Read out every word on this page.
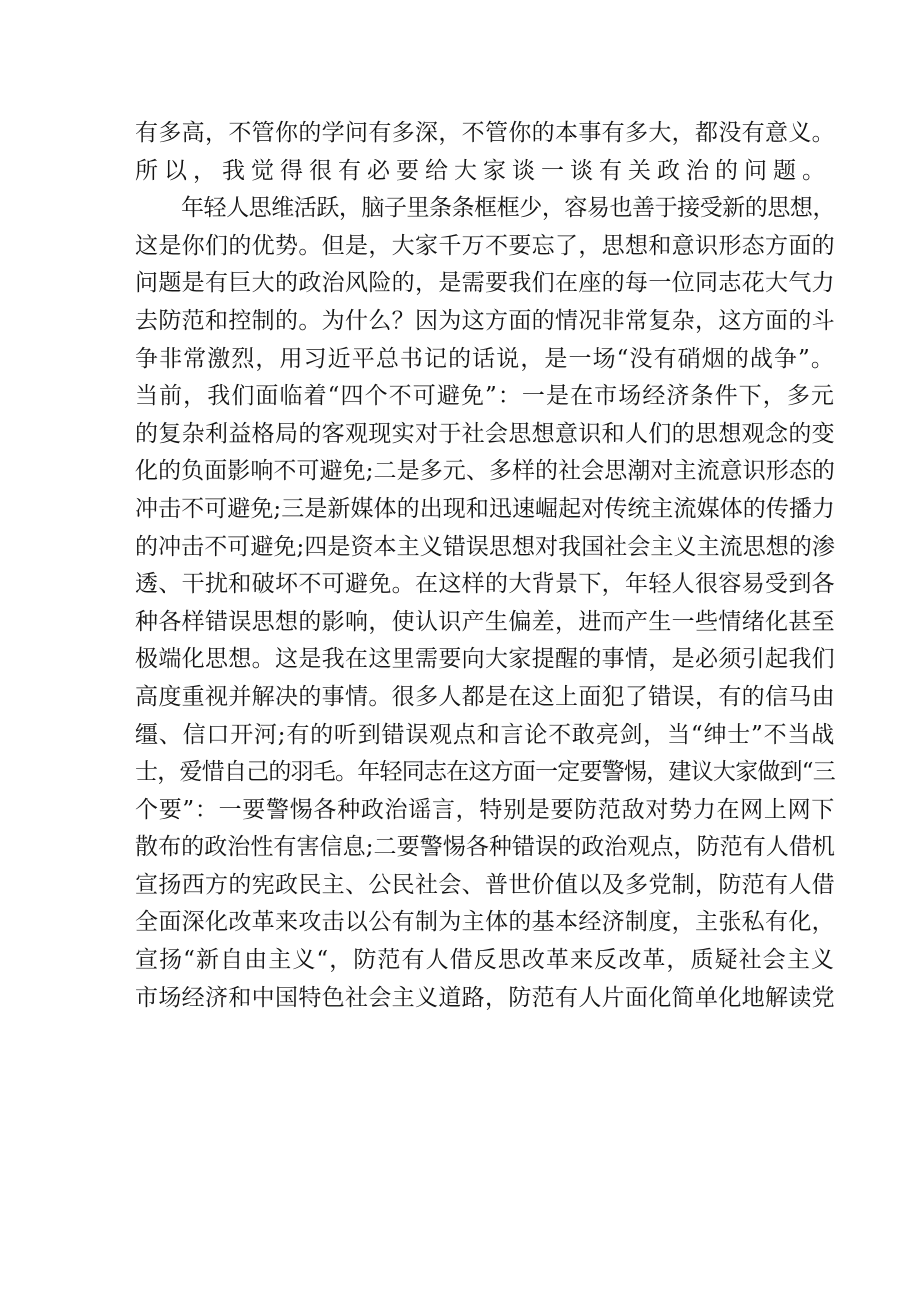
有多高，不管你的学问有多深，不管你的本事有多大，都没有意义。
所以，我觉得很有必要给大家谈一谈有关政治的问题。
年轻人思维活跃，脑子里条条框框少，容易也善于接受新的思想，
这是你们的优势。但是，大家千万不要忘了，思想和意识形态方面的
问题是有巨大的政治风险的，是需要我们在座的每一位同志花大气力
去防范和控制的。为什么？因为这方面的情况非常复杂，这方面的斗
争非常激烈，用习近平总书记的话说，是一场“没有硝烟的战争”。
当前，我们面临着“四个不可避免”：一是在市场经济条件下，多元
的复杂利益格局的客观现实对于社会思想意识和人们的思想观念的变
化的负面影响不可避免;二是多元、多样的社会思潮对主流意识形态的
冲击不可避免;三是新媒体的出现和迅速崛起对传统主流媒体的传播力
的冲击不可避免;四是资本主义错误思想对我国社会主义主流思想的渗
透、干扰和破坏不可避免。在这样的大背景下，年轻人很容易受到各
种各样错误思想的影响，使认识产生偏差，进而产生一些情绪化甚至
极端化思想。这是我在这里需要向大家提醒的事情，是必须引起我们
高度重视并解决的事情。很多人都是在这上面犯了错误，有的信马由
缰、信口开河;有的听到错误观点和言论不敢亮剑，当“绅士”不当战
士，爱惜自己的羽毛。年轻同志在这方面一定要警惕，建议大家做到“三
个要”：一要警惕各种政治谣言，特别是要防范敌对势力在网上网下
散布的政治性有害信息;二要警惕各种错误的政治观点，防范有人借机
宣扬西方的宪政民主、公民社会、普世价值以及多党制，防范有人借
全面深化改革来攻击以公有制为主体的基本经济制度，主张私有化，
宣扬“新自由主义“，防范有人借反思改革来反改革，质疑社会主义
市场经济和中国特色社会主义道路，防范有人片面化简单化地解读党
